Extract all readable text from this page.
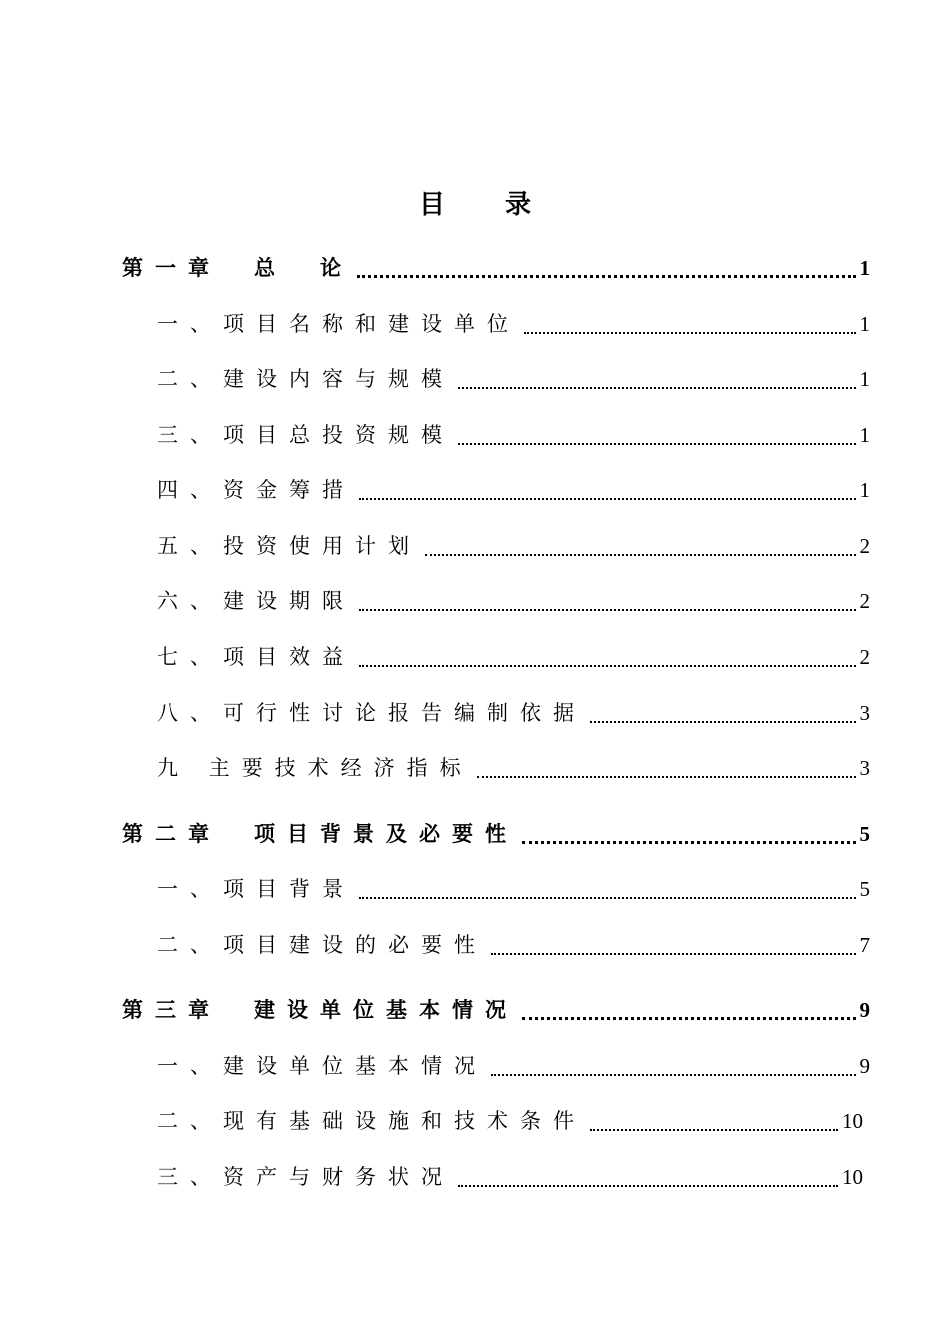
目录
第一章　总　论	1
一、项目名称和建设单位	1
二、建设内容与规模	1
三、项目总投资规模	1
四、资金筹措	1
五、投资使用计划	2
六、建设期限	2
七、项目效益	2
八、可行性讨论报告编制依据	3
九 主要技术经济指标	3
第二章　项目背景及必要性	5
一、项目背景	5
二、项目建设的必要性	7
第三章　建设单位基本情况	9
一、建设单位基本情况	9
二、现有基础设施和技术条件	10
三、资产与财务状况	10
